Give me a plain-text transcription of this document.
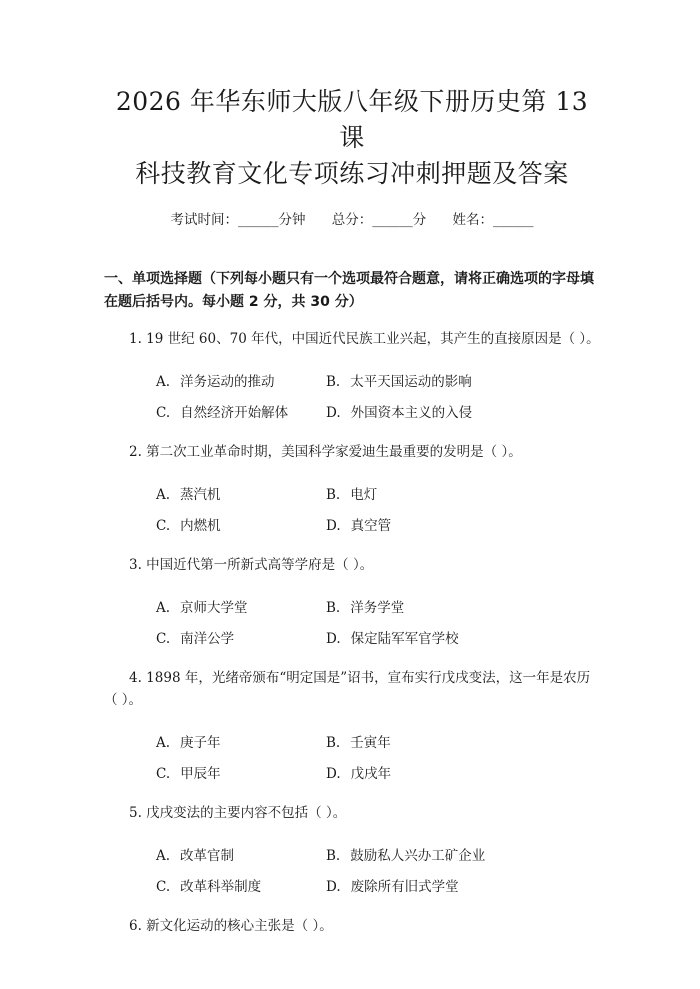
2026 年华东师大版八年级下册历史第 13 课
科技教育文化专项练习冲刺押题及答案
考试时间：______分钟 总分：______分 姓名：______
一、单项选择题（下列每小题只有一个选项最符合题意，请将正确选项的字母填在题后括号内。每小题 2 分，共 30 分）

1. 19 世纪 60、70 年代，中国近代民族工业兴起，其产生的直接原因是（ ）。

A. 洋务运动的推动	B. 太平天国运动的影响
C. 自然经济开始解体	D. 外国资本主义的入侵

2. 第二次工业革命时期，美国科学家爱迪生最重要的发明是（ ）。

A. 蒸汽机	B. 电灯
C. 内燃机	D. 真空管

3. 中国近代第一所新式高等学府是（ ）。

A. 京师大学堂	B. 洋务学堂
C. 南洋公学	D. 保定陆军军官学校

4. 1898 年，光绪帝颁布“明定国是”诏书，宣布实行戊戌变法，这一年是农历（ ）。

A. 庚子年	B. 壬寅年
C. 甲辰年	D. 戊戌年

5. 戊戌变法的主要内容不包括（ ）。

A. 改革官制	B. 鼓励私人兴办工矿企业
C. 改革科举制度	D. 废除所有旧式学堂

6. 新文化运动的核心主张是（ ）。
